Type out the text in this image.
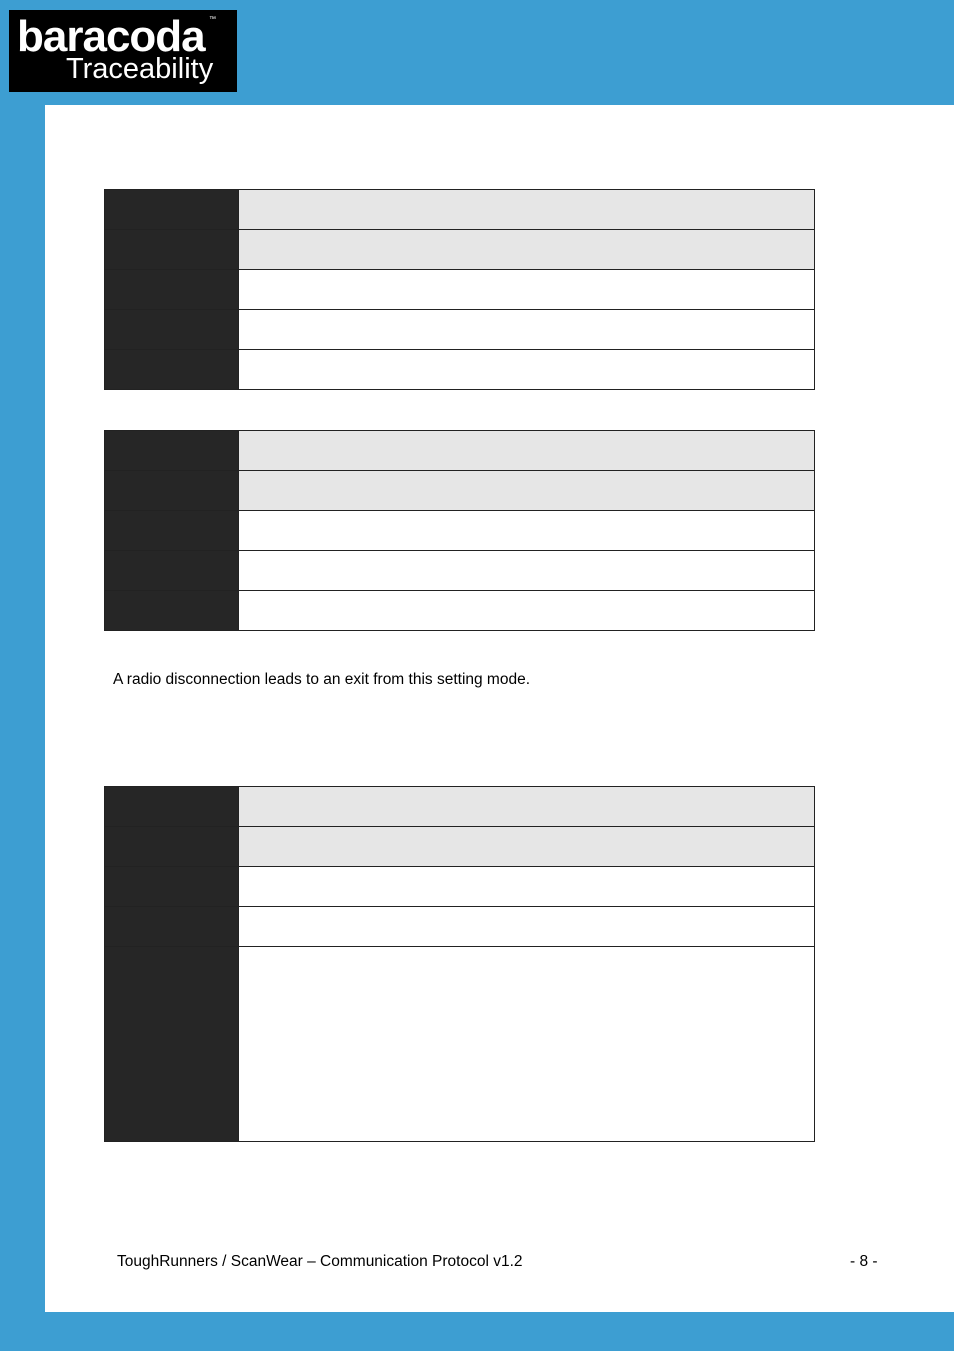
baracoda ™
Traceability

A radio disconnection leads to an exit from this setting mode.

ToughRunners / ScanWear – Communication Protocol v1.2	- 8 -
